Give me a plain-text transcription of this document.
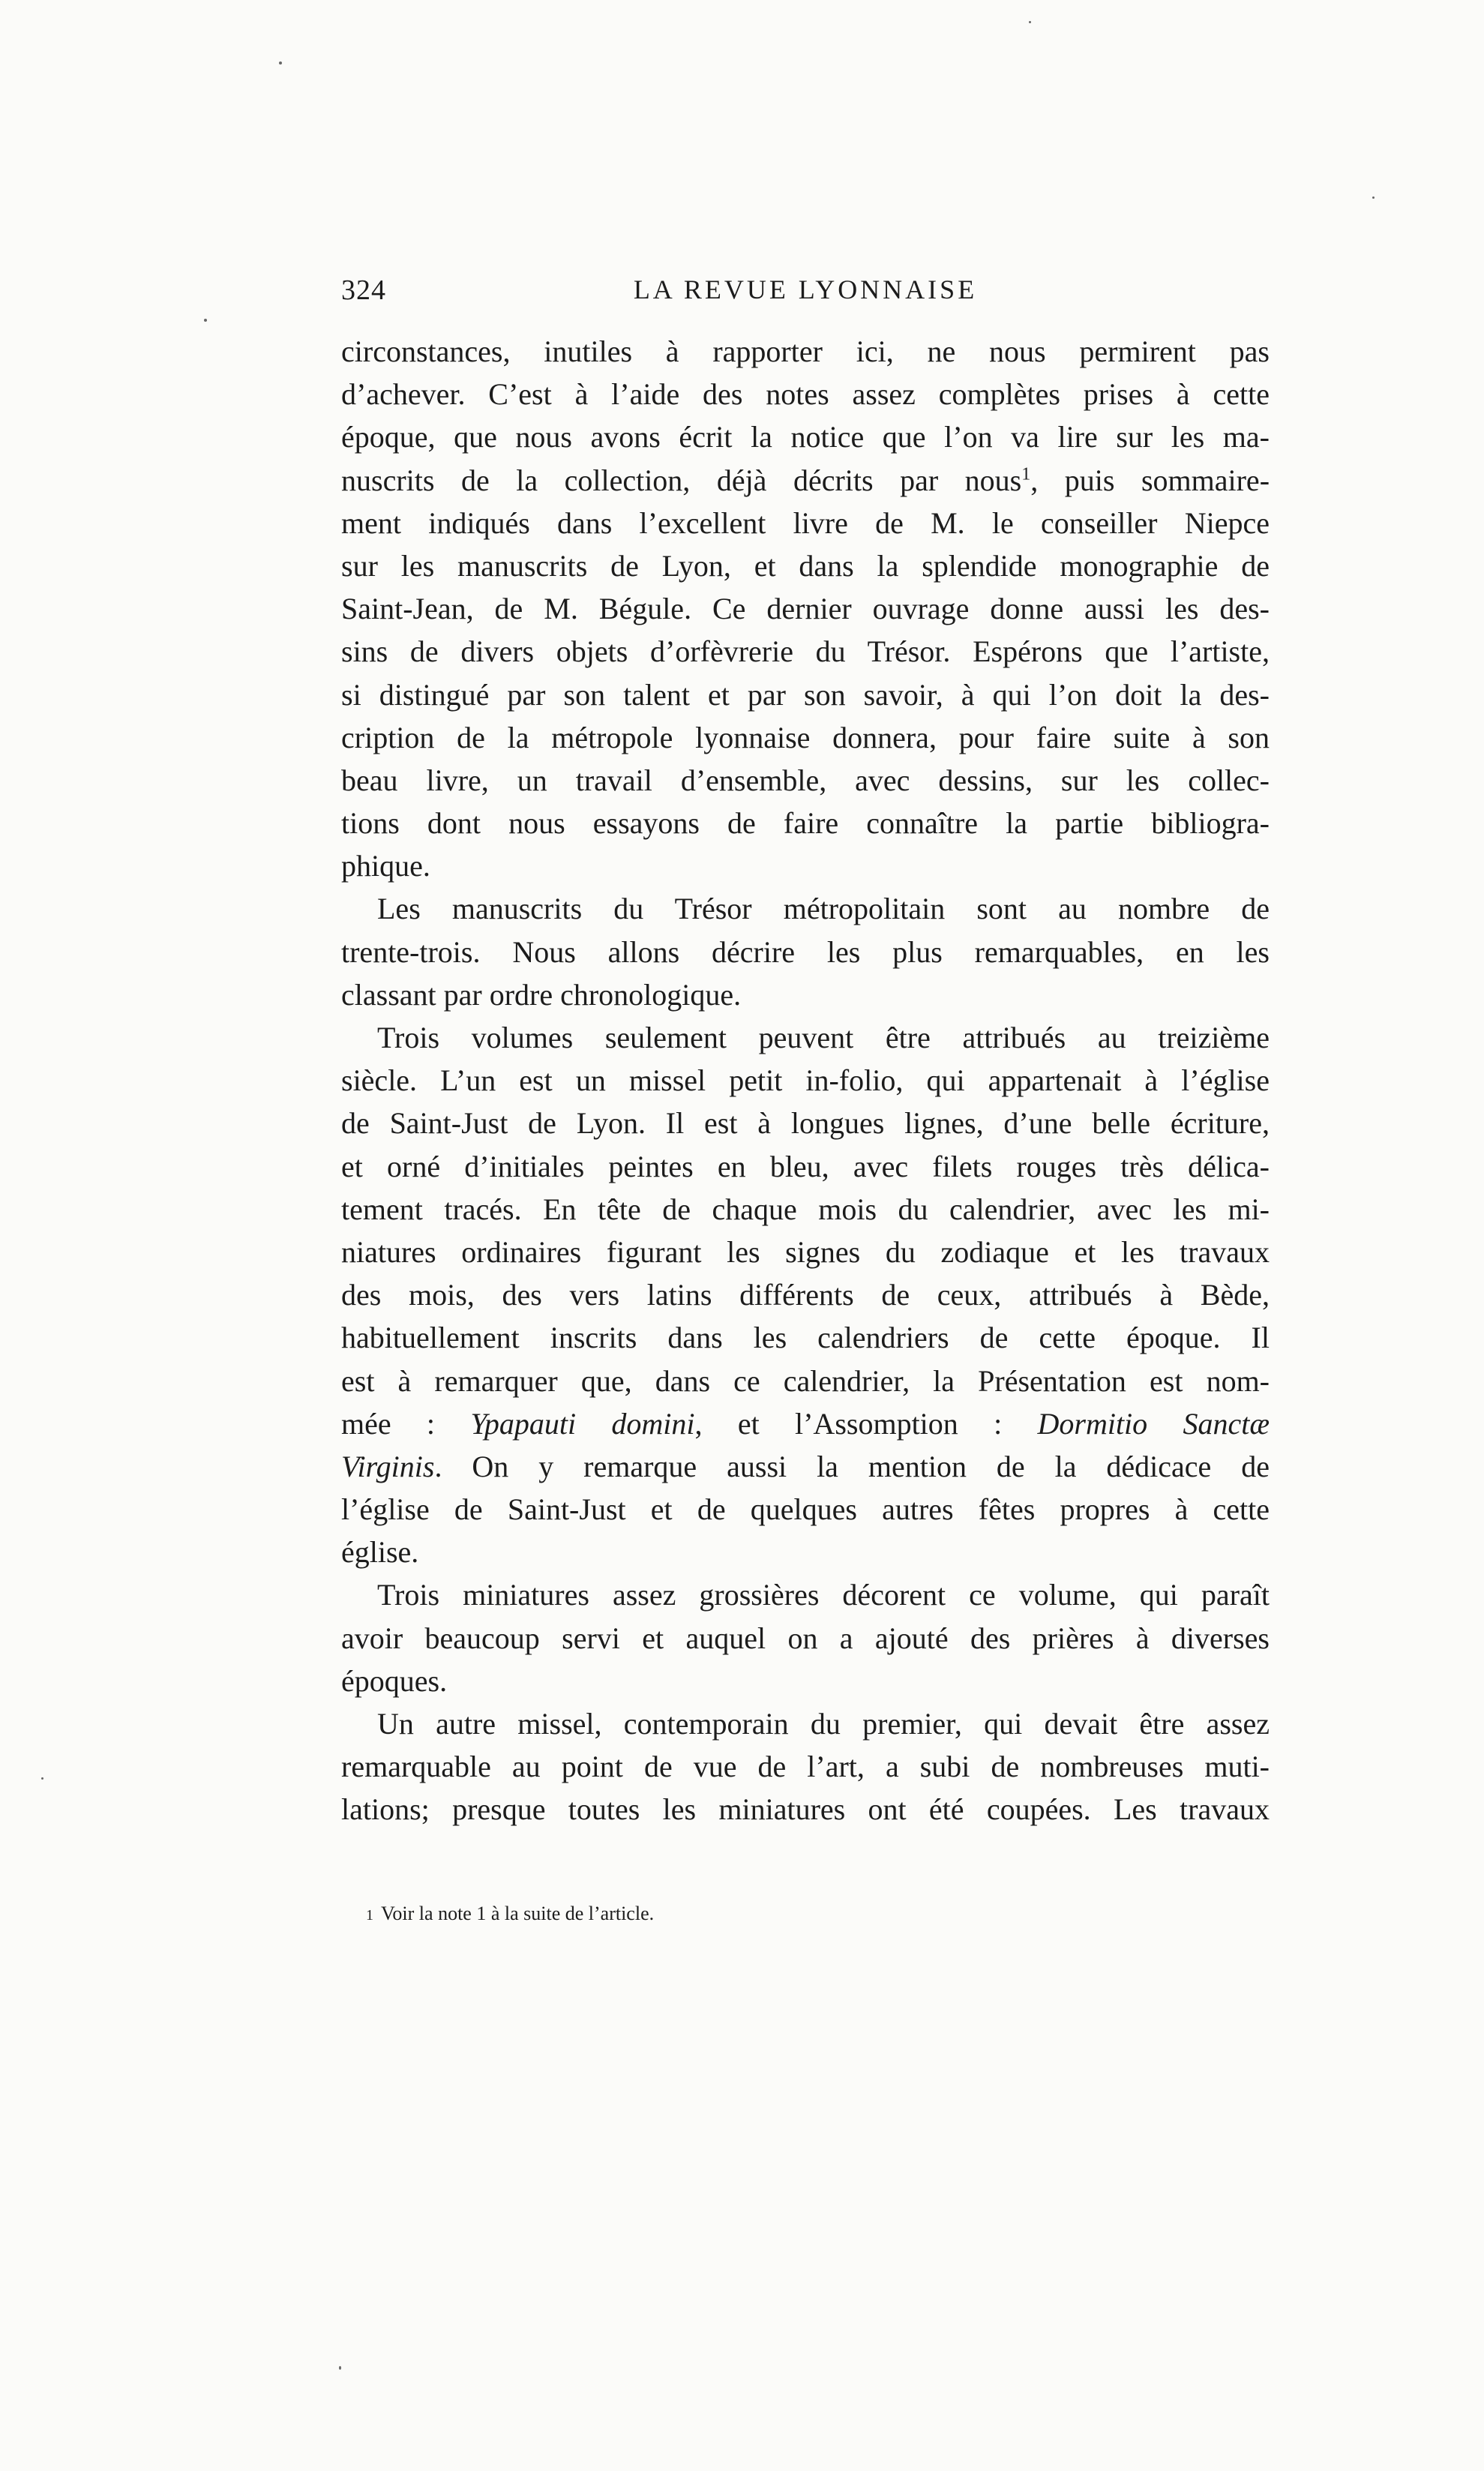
324	LA REVUE LYONNAISE
circonstances, inutiles à rapporter ici, ne nous permirent pas
d’achever. C’est à l’aide des notes assez complètes prises à cette
époque, que nous avons écrit la notice que l’on va lire sur les ma-
nuscrits de la collection, déjà décrits par nous$^1$, puis sommaire-
ment indiqués dans l’excellent livre de M. le conseiller Niepce
sur les manuscrits de Lyon, et dans la splendide monographie de
Saint-Jean, de M. Bégule. Ce dernier ouvrage donne aussi les des-
sins de divers objets d’orfèvrerie du Trésor. Espérons que l’artiste,
si distingué par son talent et par son savoir, à qui l’on doit la des-
cription de la métropole lyonnaise donnera, pour faire suite à son
beau livre, un travail d’ensemble, avec dessins, sur les collec-
tions dont nous essayons de faire connaître la partie bibliogra-
phique.
Les manuscrits du Trésor métropolitain sont au nombre de
trente-trois. Nous allons décrire les plus remarquables, en les
classant par ordre chronologique.
Trois volumes seulement peuvent être attribués au treizième
siècle. L’un est un missel petit in-folio, qui appartenait à l’église
de Saint-Just de Lyon. Il est à longues lignes, d’une belle écriture,
et orné d’initiales peintes en bleu, avec filets rouges très délica-
tement tracés. En tête de chaque mois du calendrier, avec les mi-
niatures ordinaires figurant les signes du zodiaque et les travaux
des mois, des vers latins différents de ceux, attribués à Bède,
habituellement inscrits dans les calendriers de cette époque. Il
est à remarquer que, dans ce calendrier, la Présentation est nom-
mée : Ypapauti domini, et l’Assomption : Dormitio Sanctæ
Virginis. On y remarque aussi la mention de la dédicace de
l’église de Saint-Just et de quelques autres fêtes propres à cette
église.
Trois miniatures assez grossières décorent ce volume, qui paraît
avoir beaucoup servi et auquel on a ajouté des prières à diverses
époques.
Un autre missel, contemporain du premier, qui devait être assez
remarquable au point de vue de l’art, a subi de nombreuses muti-
lations; presque toutes les miniatures ont été coupées. Les travaux
1 Voir la note 1 à la suite de l’article.
